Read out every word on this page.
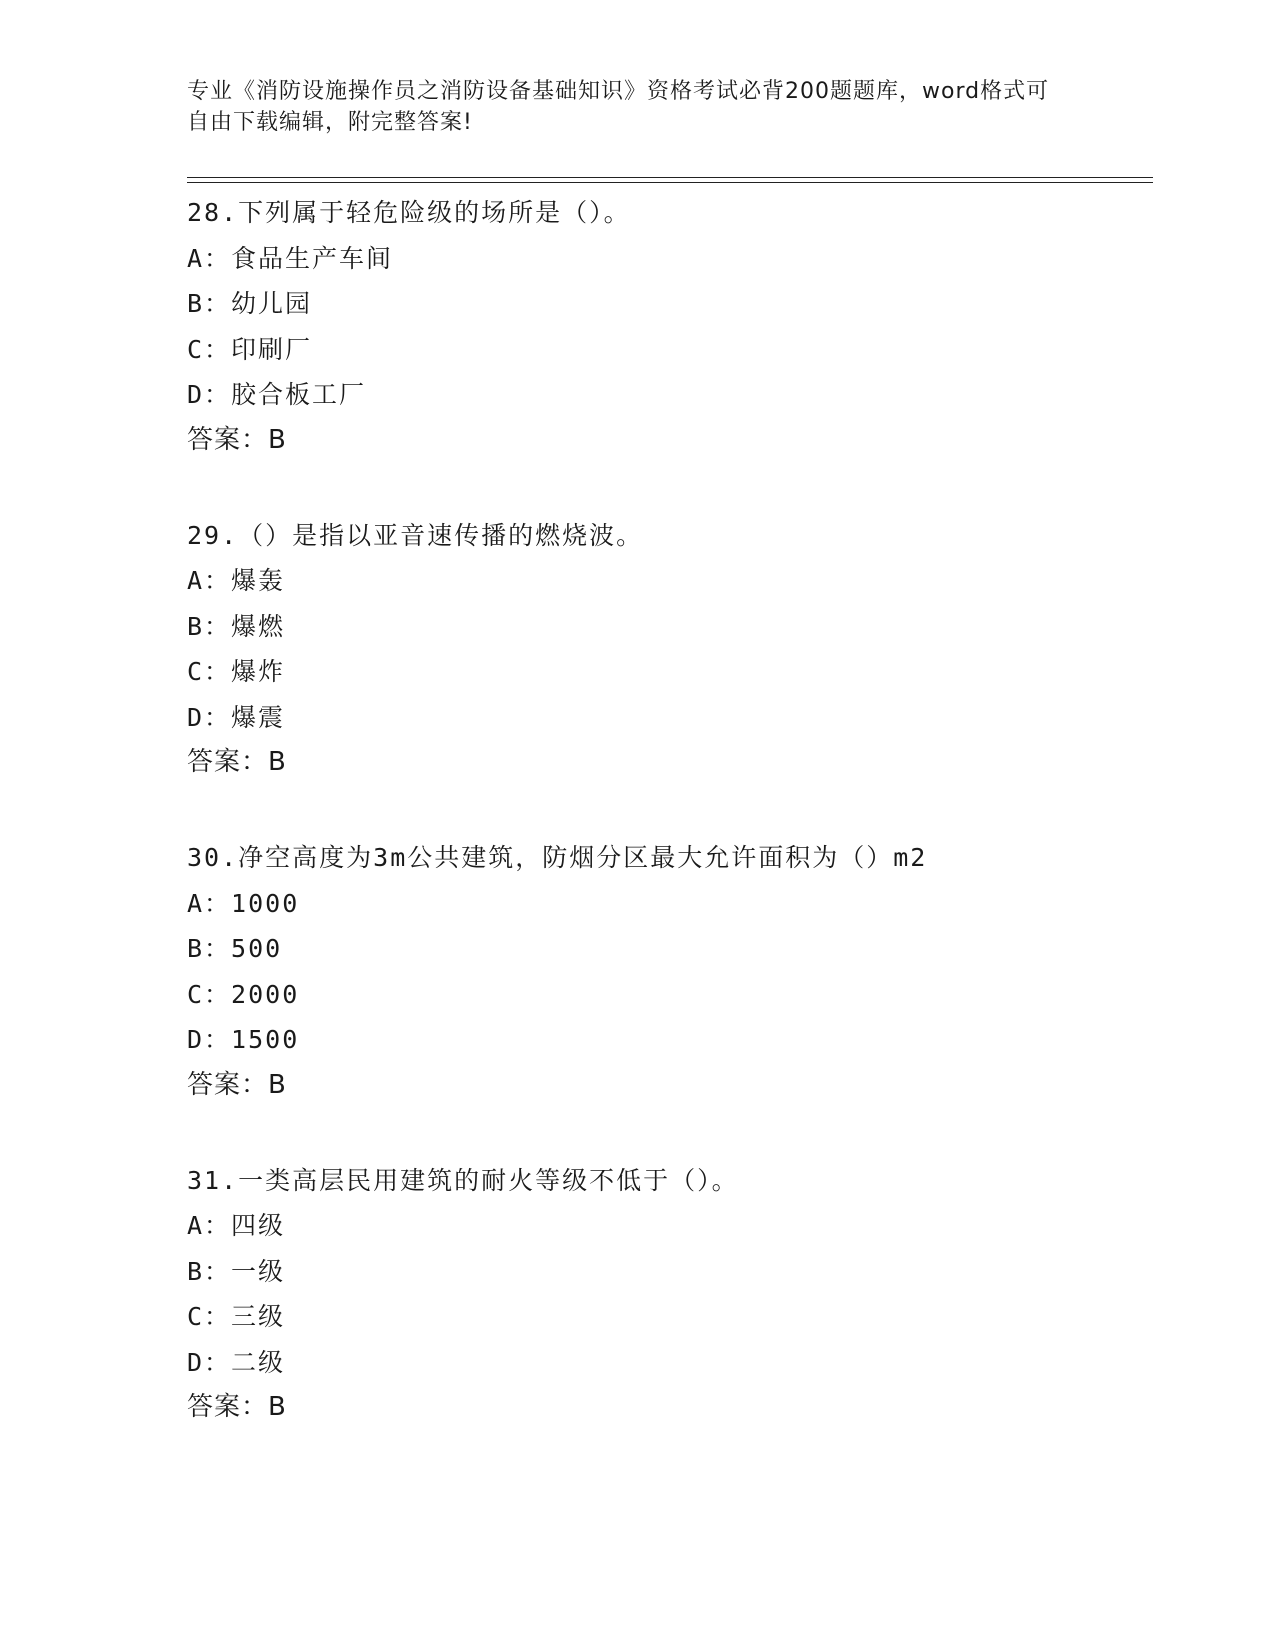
专业《消防设施操作员之消防设备基础知识》资格考试必背200题题库，word格式可自由下载编辑，附完整答案!
28.下列属于轻危险级的场所是（）。
A：食品生产车间
B：幼儿园
C：印刷厂
D：胶合板工厂
答案：B
29.（）是指以亚音速传播的燃烧波。
A：爆轰
B：爆燃
C：爆炸
D：爆震
答案：B
30.净空高度为3m公共建筑，防烟分区最大允许面积为（）m2
A：1000
B：500
C：2000
D：1500
答案：B
31.一类高层民用建筑的耐火等级不低于（）。
A：四级
B：一级
C：三级
D：二级
答案：B
